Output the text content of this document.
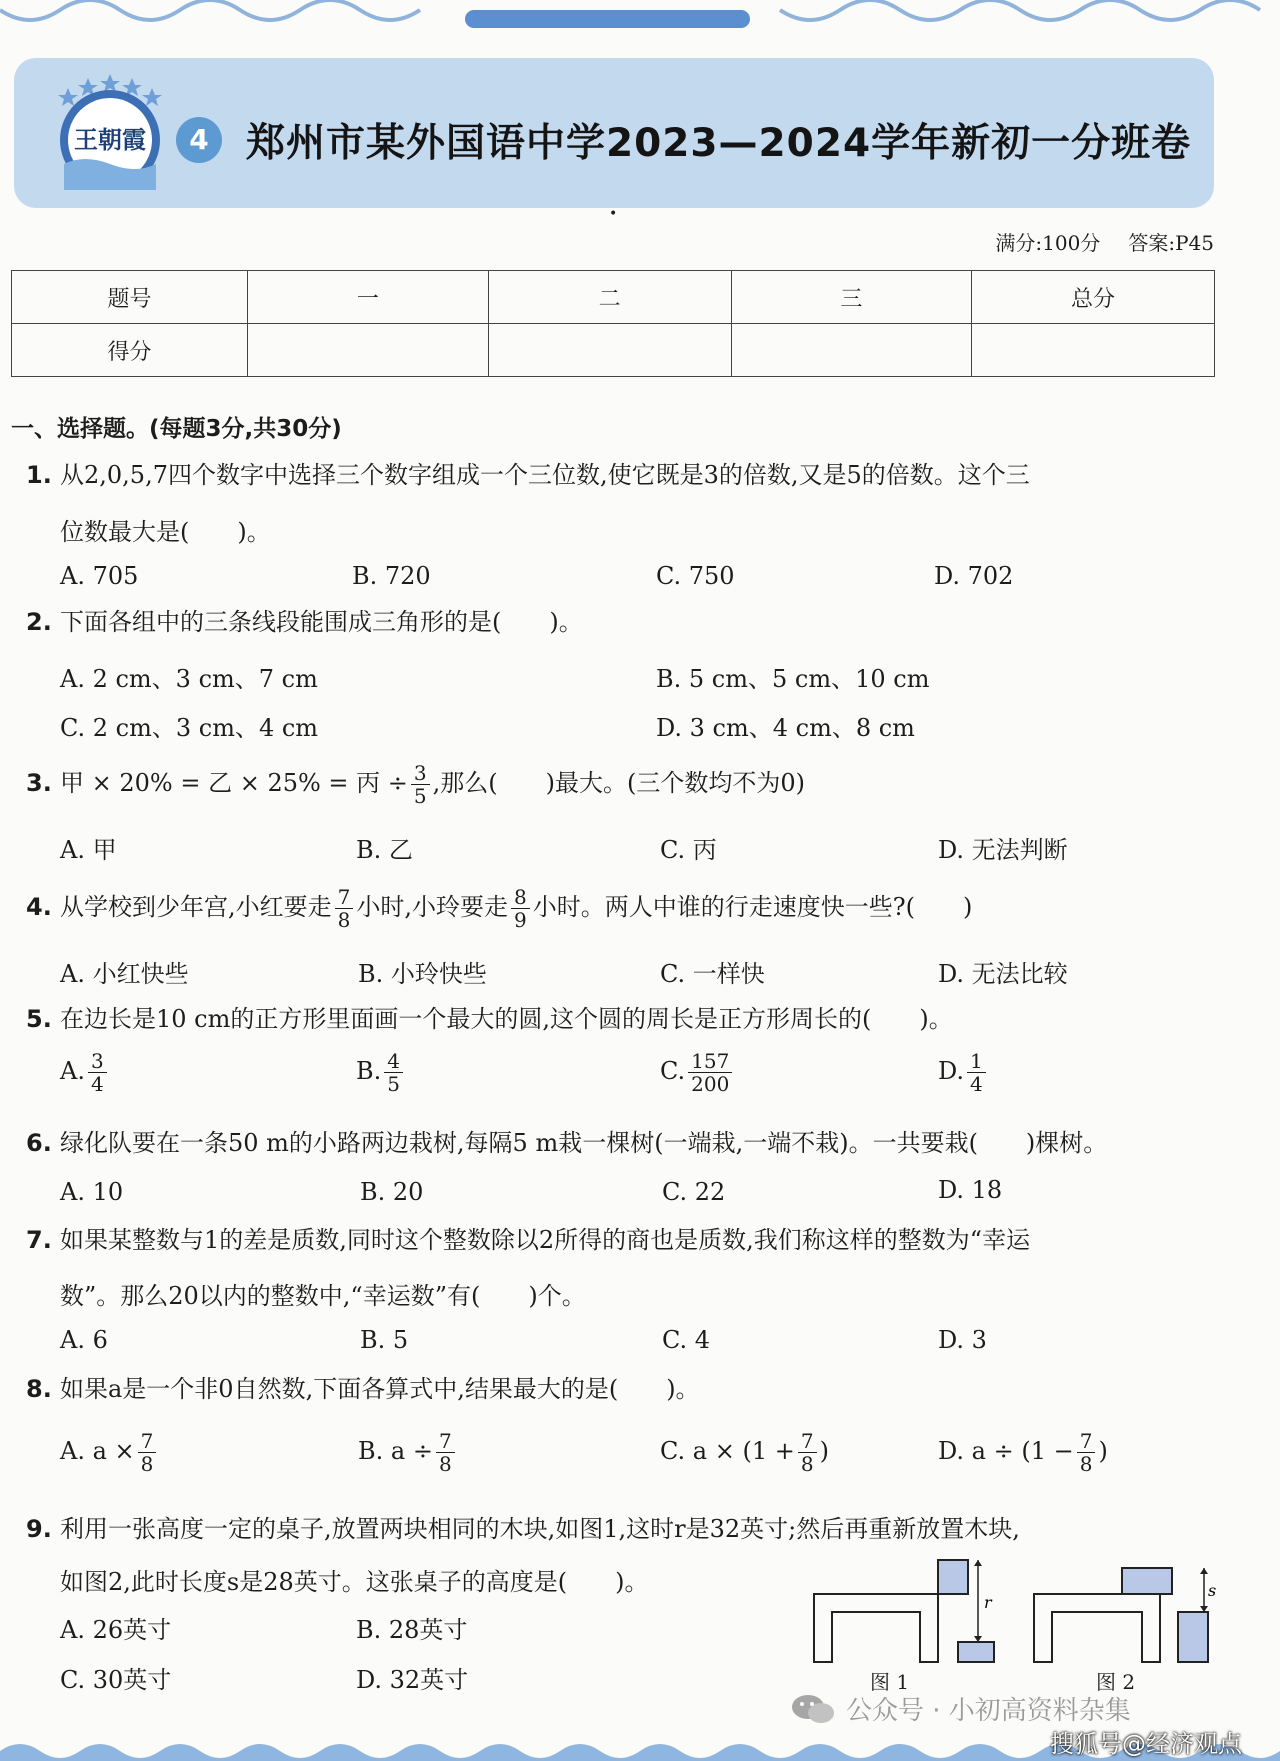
王朝霞	4 郑州市某外国语中学2023—2024学年新初一分班卷
•
满分:100分 答案:P45
题号	一	二	三	总分
得分				
一、选择题。(每题3分,共30分)
1. 从2,0,5,7四个数字中选择三个数字组成一个三位数,使它既是3的倍数,又是5的倍数。这个三
位数最大是(　　)。
A. 705	B. 720	C. 750	D. 702
2. 下面各组中的三条线段能围成三角形的是(　　)。
A. 2 cm、3 cm、7 cm	B. 5 cm、5 cm、10 cm
C. 2 cm、3 cm、4 cm	D. 3 cm、4 cm、8 cm
3. 甲 × 20% = 乙 × 25% = 丙 ÷ $\frac{3}{5}$ ,那么(　　)最大。(三个数均不为0)
A. 甲	B. 乙	C. 丙	D. 无法判断
4. 从学校到少年宫,小红要走 $\frac{7}{8}$ 小时,小玲要走 $\frac{8}{9}$ 小时。两人中谁的行走速度快一些?(　　)
A. 小红快些	B. 小玲快些	C. 一样快	D. 无法比较
5. 在边长是10 cm的正方形里面画一个最大的圆,这个圆的周长是正方形周长的(　　)。
A. $\frac{3}{4}$	B. $\frac{4}{5}$	C. $\frac{157}{200}$	D. $\frac{1}{4}$
6. 绿化队要在一条50 m的小路两边栽树,每隔5 m栽一棵树(一端栽,一端不栽)。一共要栽(　　)棵树。
A. 10	B. 20	C. 22	D. 18
7. 如果某整数与1的差是质数,同时这个整数除以2所得的商也是质数,我们称这样的整数为“幸运
数”。那么20以内的整数中,“幸运数”有(　　)个。
A. 6	B. 5	C. 4	D. 3
8. 如果a是一个非0自然数,下面各算式中,结果最大的是(　　)。
A. $a \times \frac{7}{8}$	B. $a \div \frac{7}{8}$	C. $a \times (1 + \frac{7}{8}$ )	D. $a \div (1 - \frac{7}{8}$ )
9. 利用一张高度一定的桌子,放置两块相同的木块,如图1,这时r是32英寸;然后再重新放置木块,
如图2,此时长度s是28英寸。这张桌子的高度是(　　)。
A. 26英寸	B. 28英寸
C. 30英寸	D. 32英寸
r
图 1
s
图 2
公众号 · 小初高资料杂集
搜狐号@经济观点
